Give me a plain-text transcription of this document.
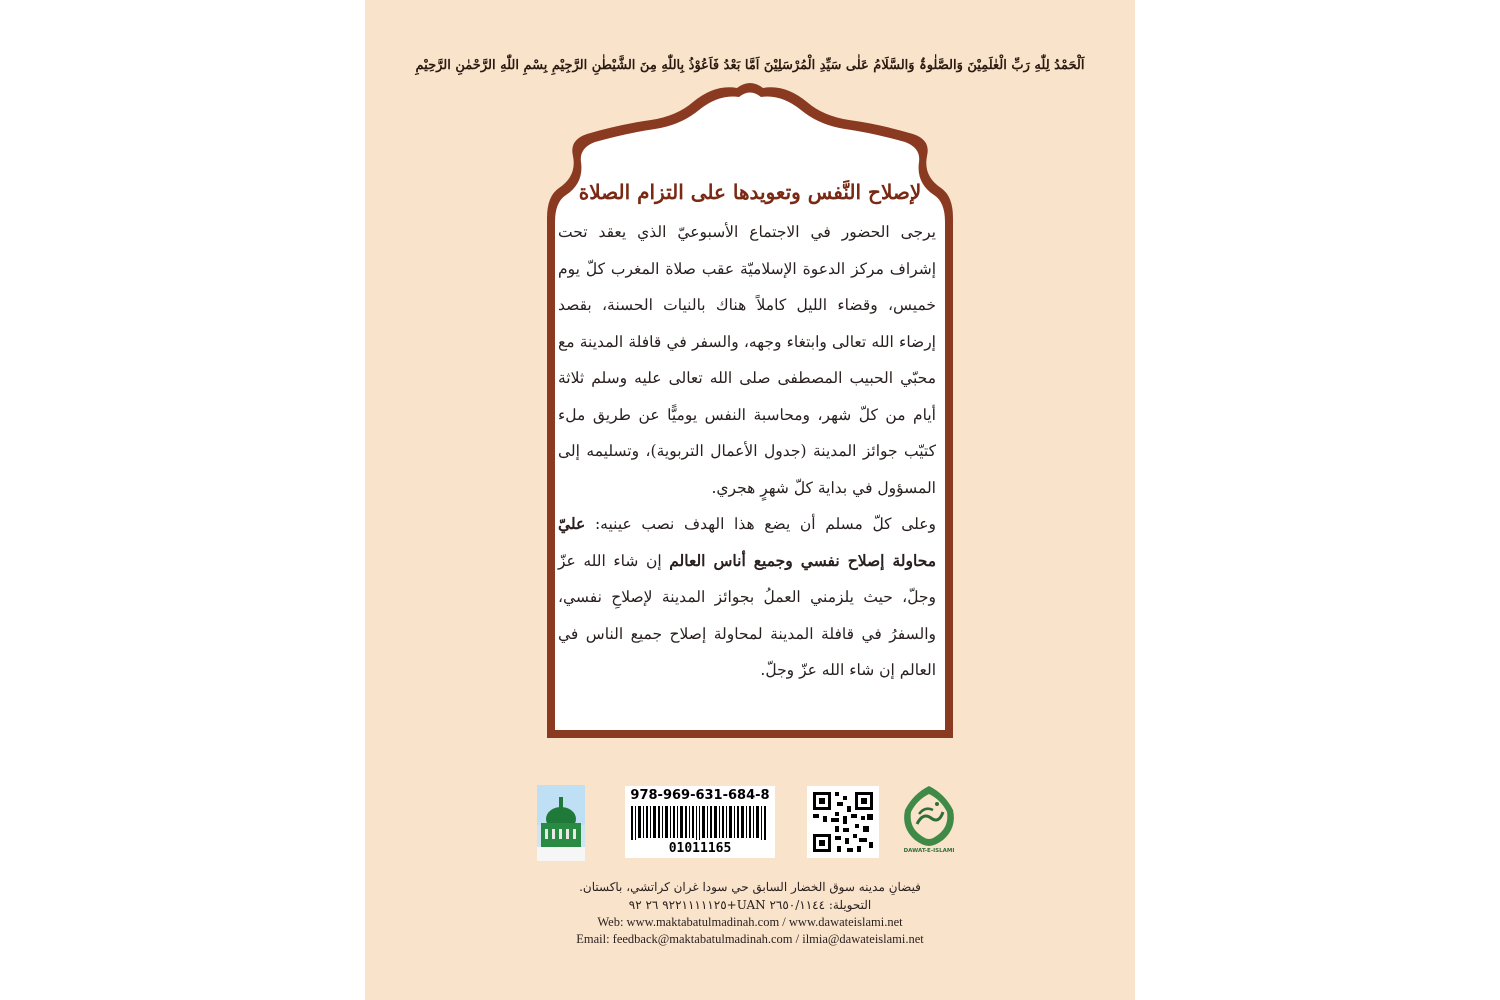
اَلْحَمْدُ لِلّٰهِ رَبِّ الْعٰلَمِیْنَ وَالصَّلٰوۃُ وَالسَّلَامُ عَلٰی سَیِّدِ الْمُرْسَلِیْنَ اَمَّا بَعْدُ فَاَعُوْذُ بِاللّٰهِ مِنَ الشَّیْطٰنِ الرَّجِیْمِ بِسْمِ اللّٰهِ الرَّحْمٰنِ الرَّحِیْمِ
لإصلاح النَّفس وتعويدها على التزام الصلاة

يرجى الحضور في الاجتماع الأسبوعيّ الذي يعقد تحت إشراف مركز الدعوة الإسلاميّة عقب صلاة المغرب كلّ يوم خميس، وقضاء الليل كاملاً هناك بالنيات الحسنة، بقصد إرضاء الله تعالى وابتغاء وجهه، والسفر في قافلة المدينة مع محبّي الحبيب المصطفى صلى الله تعالى عليه وسلم ثلاثة أيام من كلّ شهر، ومحاسبة النفس يوميًّا عن طريق ملء كتيّب جوائز المدينة (جدول الأعمال التربوية)، وتسليمه إلى المسؤول في بداية كلّ شهرٍ هجري.

وعلى كلّ مسلم أن يضع هذا الهدف نصب عينيه: عليّ محاولة إصلاح نفسي وجميع أناس العالم إن شاء الله عزّ وجلّ، حيث يلزمني العملُ بجوائز المدينة لإصلاحِ نفسي، والسفرُ في قافلة المدينة لمحاولة إصلاح جميع الناس في العالم إن شاء الله عزّ وجلّ.

978-969-631-684-8
01011165	DAWAT-E-ISLAMI
فيضانِ مدينه سوق الخضار السابق حي سودا غران كراتشي، باكستان.
التحويلة: ٢٦٥٠/١١٤٤ UAN+٩٢٢١١١١١٢٥ ٢٦ ٩٢
Web: www.maktabatulmadinah.com / www.dawateislami.net
Email: feedback@maktabatulmadinah.com / ilmia@dawateislami.net
